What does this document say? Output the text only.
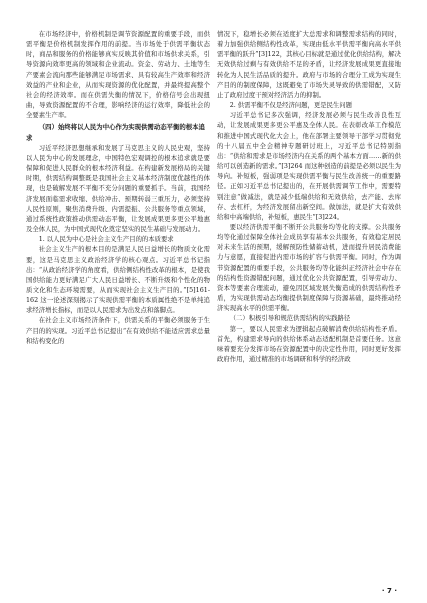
在市场经济中，价格机制是调节资源配置的重要手段，而供需平衡是价格机制发挥作用的前提。当市场处于供需平衡状态时，商品和服务的价格能够真实反映其价值和市场供求关系，引导资源向效率更高的领域和企业流动。资金、劳动力、土地等生产要素会流向那些能够满足市场需求、具有较高生产效率和经济效益的产业和企业，从而实现资源的优化配置，并最终提高整个社会的经济效率。而在供需失衡的情况下，价格信号会出现扭曲，导致资源配置的不合理，影响经济的运行效率，降低社会的全要素生产率。

（四）始终将以人民为中心作为实现供需动态平衡的根本追求

习近平经济思想继承和发展了马克思主义的人民史观，坚持以人民为中心的发展理念，中国特色宏观调控的根本追求就是要保障和促进人民群众的根本经济利益。在构建新发展格局的关键时期，供需结构调整既是我国社会主义基本经济制度优越性的体现，也是破解发展不平衡不充分问题的重要抓手。当前，我国经济发展面临需求收缩、供给冲击、预期转弱三重压力，必须坚持人民性原则，聚焦消费升级、内需提振、公共服务等重点领域，通过系统性政策推动供需动态平衡，让发展成果更多更公平地惠及全体人民，为中国式现代化奠定坚实的民生基础与发展动力。

1. 以人民为中心是社会主义生产目的的本质要求

社会主义生产的根本目的是满足人民日益增长的物质文化需要，这是马克思主义政治经济学的核心观点。习近平总书记指出：“从政治经济学的角度看，供给侧结构性改革的根本，是使我国供给能力更好满足广大人民日益增长、不断升级和个性化的物质文化和生态环境需要，从而实现社会主义生产目的。”[5]161-162 这一论述深刻揭示了实现供需平衡的本质属性绝不是单纯追求经济增长指标，而是以人民需求为出发点和落脚点。

在社会主义市场经济条件下，供需关系的平衡必须服务于生产目的的实现。习近平总书记提出“在有效供给不能适应需求总量和结构变化的

情况下，稳增长必须在适度扩大总需求和调整需求结构的同时，着力加强供给侧结构性改革，实现由低水平供需平衡向高水平供需平衡的跃升”[3]122，其核心目标就是通过优化供给结构，解决无效供给过剩与有效供给不足的矛盾，让经济发展成果更直接地转化为人民生活品质的提升。政府与市场的合理分工成为实现生产目的的制度保障，这既避免了市场失灵导致的供需错配，又防止了政府过度干预对经济活力的抑制。

2. 供需平衡不仅是经济问题，更是民生问题

习近平总书记多次强调，经济发展必须与民生改善良性互动，让发展成果更多更公平惠及全体人民。在表彰改革工作模范和推进中国式现代化大会上，他在部署主要领导干部学习贯彻党的十八届五中全会精神专题研讨班上，习近平总书记特别指出：“供给和需求是市场经济内在关系的两个基本方面……新的供给可以创造新的需求。”[3]264 而这种创造的前提是必须以民生为导向。补短板，强弱项是实现供需平衡与民生改善统一的重要路径。正如习近平总书记提出的，在开展供需调节工作中，需要特别注意“做减法，就是减少低端供给和无效供给，去产能、去库存、去杠杆，为经济发展留出新空间。做加法，就是扩大有效供给和中高端供给，补短板，惠民生”[3]224。

要以经济供需平衡不断开公共服务均等化的支撑。公共服务均等化通过保障全体社会成员享有基本公共服务，有效稳定居民对未来生活的预期，缓解预防性储蓄动机，进而提升居民消费能力与意愿，直接促进内需市场的扩容与供需平衡。同时，作为调节资源配置的重要手段，公共服务均等化能纠正经济社会中存在的结构性资源错配问题，通过优化公共资源配置，引导劳动力、资本等要素合理流动，避免因区域发展失衡造成的供需结构性矛盾，为实现供需动态均衡提供制度保障与资源基础，最终推动经济实现高水平的供需平衡。

（二）积极引导和规范供需结构的实践路径

第一，要以人民需求为逻辑起点破解消费供给结构性矛盾。首先，构建需求导向的供给体系动态适配机制是首要任务。这意味着要充分发挥市场在资源配置中的决定性作用，同时更好发挥政府作用，通过精准的市场调研和科学的经济政

· 7 ·
